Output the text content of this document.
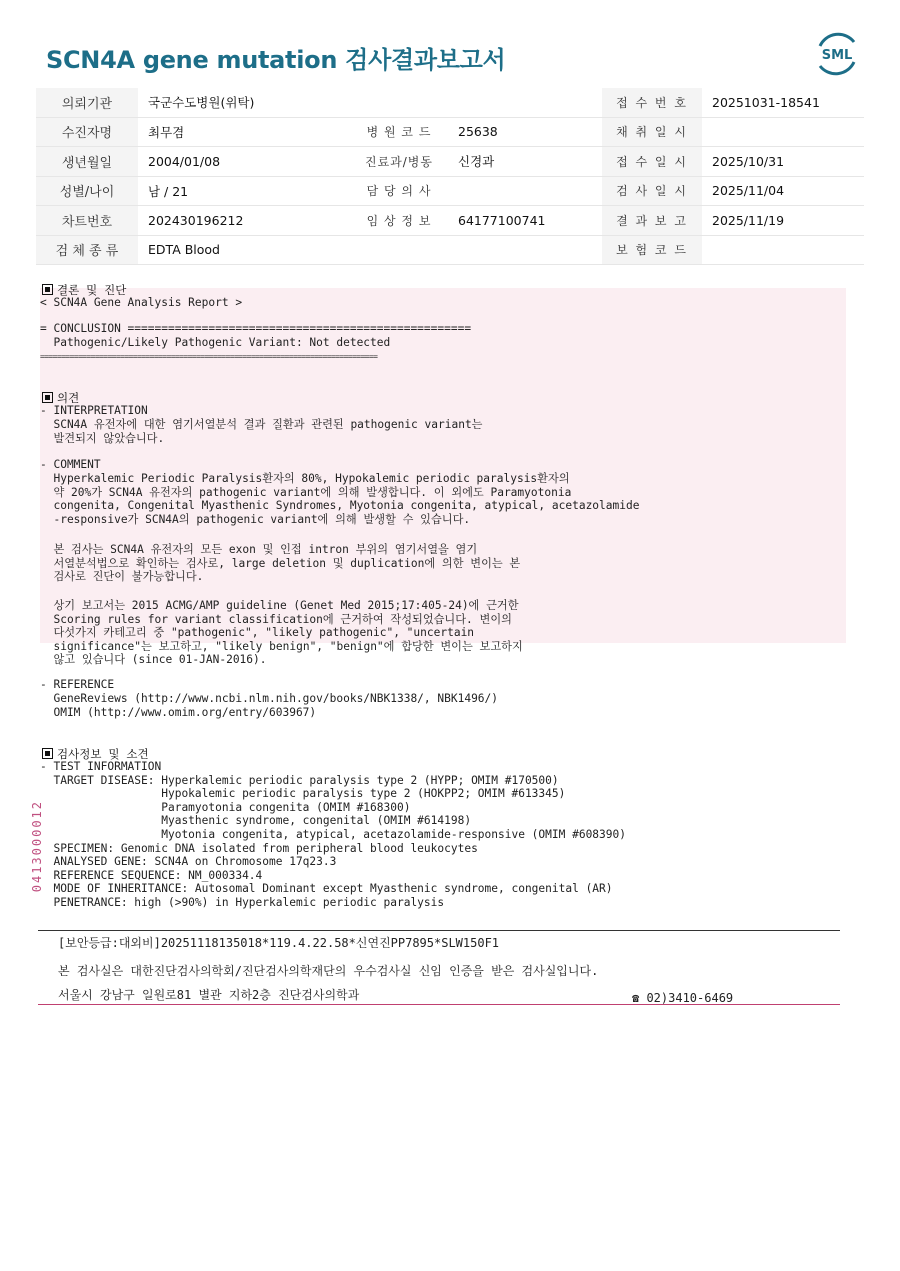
SCN4A gene mutation 검사결과보고서	SML
의뢰기관	국군수도병원(위탁)			접 수 번 호	20251031-18541
수진자명	최무겸	병 원 코 드	25638	채 취 일 시	
생년월일	2004/01/08	진료과/병동	신경과	접 수 일 시	2025/10/31
성별/나이	남 / 21	담 당 의 사		검 사 일 시	2025/11/04
차트번호	202430196212	임 상 정 보	64177100741	결 과 보 고	2025/11/19
검 체 종 류	EDTA Blood			보 험 코 드	
결론 및 진단
< SCN4A Gene Analysis Report >
= CONCLUSION ===================================================
Pathogenic/Likely Pathogenic Variant: Not detected
================================================================================
의견
- INTERPRETATION
SCN4A 유전자에 대한 염기서열분석 결과 질환과 관련된 pathogenic variant는
발견되지 않았습니다.
- COMMENT
Hyperkalemic Periodic Paralysis환자의 80%, Hypokalemic periodic paralysis환자의
약 20%가 SCN4A 유전자의 pathogenic variant에 의해 발생합니다. 이 외에도 Paramyotonia
congenita, Congenital Myasthenic Syndromes, Myotonia congenita, atypical, acetazolamide
-responsive가 SCN4A의 pathogenic variant에 의해 발생할 수 있습니다.
본 검사는 SCN4A 유전자의 모든 exon 및 인접 intron 부위의 염기서열을 염기
서열분석법으로 확인하는 검사로, large deletion 및 duplication에 의한 변이는 본
검사로 진단이 불가능합니다.
상기 보고서는 2015 ACMG/AMP guideline (Genet Med 2015;17:405-24)에 근거한
Scoring rules for variant classification에 근거하여 작성되었습니다. 변이의
다섯가지 카테고리 중 "pathogenic", "likely pathogenic", "uncertain
significance"는 보고하고, "likely benign", "benign"에 합당한 변이는 보고하지
않고 있습니다 (since 01-JAN-2016).
- REFERENCE
GeneReviews (http://www.ncbi.nlm.nih.gov/books/NBK1338/, NBK1496/)
OMIM (http://www.omim.org/entry/603967)
검사정보 및 소견
- TEST INFORMATION
TARGET DISEASE: Hyperkalemic periodic paralysis type 2 (HYPP; OMIM #170500)
Hypokalemic periodic paralysis type 2 (HOKPP2; OMIM #613345)
Paramyotonia congenita (OMIM #168300)
Myasthenic syndrome, congenital (OMIM #614198)
Myotonia congenita, atypical, acetazolamide-responsive (OMIM #608390)
SPECIMEN: Genomic DNA isolated from peripheral blood leukocytes
ANALYSED GENE: SCN4A on Chromosome 17q23.3
REFERENCE SEQUENCE: NM_000334.4
MODE OF INHERITANCE: Autosomal Dominant except Myasthenic syndrome, congenital (AR)
PENETRANCE: high (>90%) in Hyperkalemic periodic paralysis
0413000012
[보안등급:대외비]20251118135018*119.4.22.58*신연진PP7895*SLW150F1
본 검사실은 대한진단검사의학회/진단검사의학재단의 우수검사실 신임 인증을 받은 검사실입니다.
서울시 강남구 일원로81 별관 지하2층 진단검사의학과	☎ 02)3410-6469
